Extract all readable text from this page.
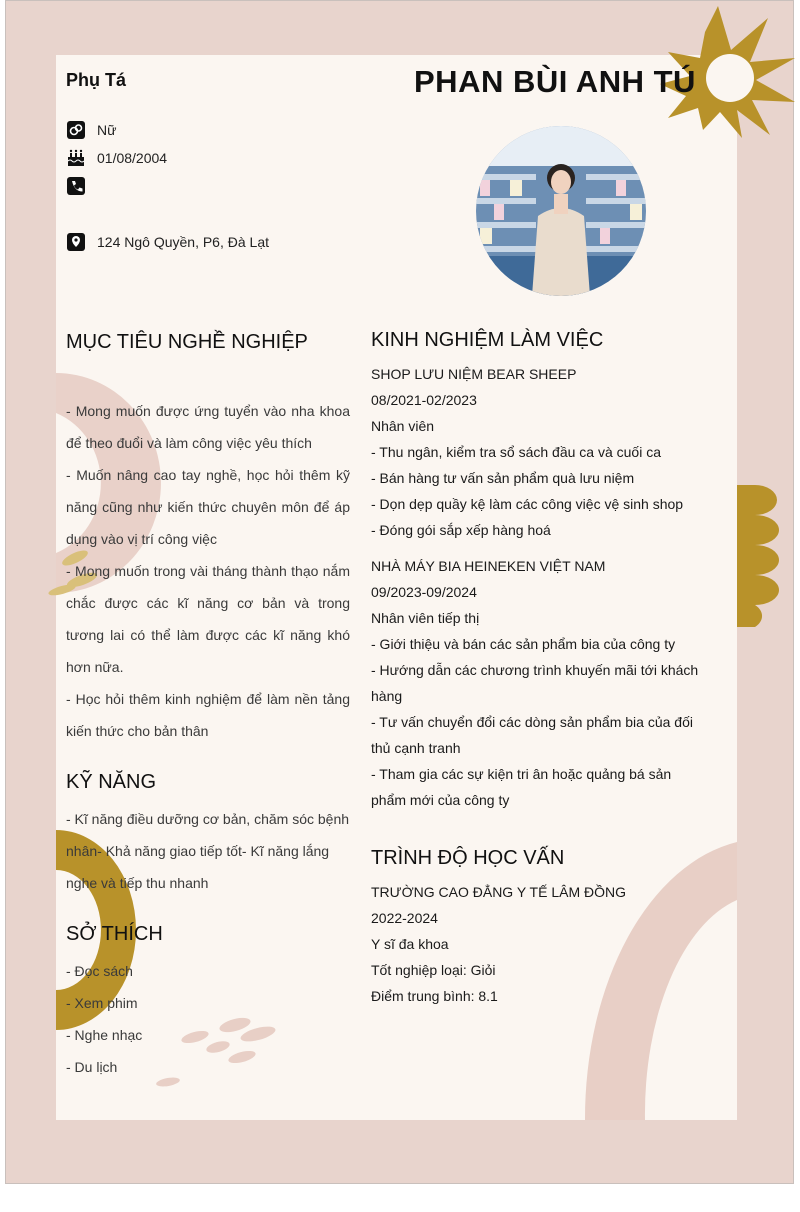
Phụ Tá	PHAN BÙI ANH TÚ
Nữ
01/08/2004
124 Ngô Quyền, P6, Đà Lạt
MỤC TIÊU NGHỀ NGHIỆP

- Mong muốn được ứng tuyển vào nha khoa để theo đuổi và làm công việc yêu thích

- Muốn nâng cao tay nghề, học hỏi thêm kỹ năng cũng như kiến thức chuyên môn để áp dụng vào vị trí công việc

- Mong muốn trong vài tháng thành thạo nắm chắc được các kĩ năng cơ bản và trong tương lai có thể làm được các kĩ năng khó hơn nữa.

- Học hỏi thêm kinh nghiệm để làm nền tảng kiến thức cho bản thân

KỸ NĂNG
- Kĩ năng điều dưỡng cơ bản, chăm sóc bệnh nhân- Khả năng giao tiếp tốt- Kĩ năng lắng nghe và tiếp thu nhanh
SỞ THÍCH

- Đọc sách

- Xem phim

- Nghe nhạc

- Du lịch

KINH NGHIỆM LÀM VIỆC
SHOP LƯU NIỆM BEAR SHEEP
08/2021-02/2023
Nhân viên
- Thu ngân, kiểm tra sổ sách đầu ca và cuối ca
- Bán hàng tư vấn sản phẩm quà lưu niệm
- Dọn dẹp quầy kệ làm các công việc vệ sinh shop
- Đóng gói sắp xếp hàng hoá
NHÀ MÁY BIA HEINEKEN VIỆT NAM
09/2023-09/2024
Nhân viên tiếp thị
- Giới thiệu và bán các sản phẩm bia của công ty
- Hướng dẫn các chương trình khuyến mãi tới khách
hàng
- Tư vấn chuyển đổi các dòng sản phẩm bia của đối
thủ cạnh tranh
- Tham gia các sự kiện tri ân hoặc quảng bá sản
phẩm mới của công ty
TRÌNH ĐỘ HỌC VẤN
TRƯỜNG CAO ĐẲNG Y TẾ LÂM ĐỒNG
2022-2024
Y sĩ đa khoa
Tốt nghiệp loại: Giỏi
Điểm trung bình: 8.1
